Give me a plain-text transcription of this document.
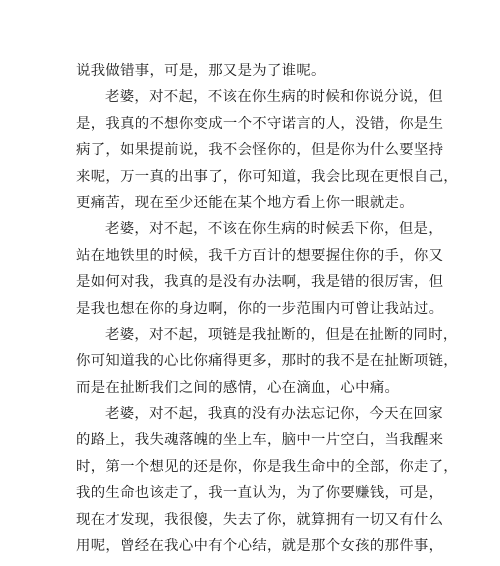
说我做错事，可是，那又是为了谁呢。
老婆，对不起，不该在你生病的时候和你说分说，但
是，我真的不想你变成一个不守诺言的人，没错，你是生
病了，如果提前说，我不会怪你的，但是你为什么要坚持
来呢，万一真的出事了，你可知道，我会比现在更恨自己，
更痛苦，现在至少还能在某个地方看上你一眼就走。
老婆，对不起，不该在你生病的时候丢下你，但是，
站在地铁里的时候，我千方百计的想要握住你的手，你又
是如何对我，我真的是没有办法啊，我是错的很厉害，但
是我也想在你的身边啊，你的一步范围内可曾让我站过。
老婆，对不起，项链是我扯断的，但是在扯断的同时，
你可知道我的心比你痛得更多，那时的我不是在扯断项链，
而是在扯断我们之间的感情，心在滴血，心中痛。
老婆，对不起，我真的没有办法忘记你，今天在回家
的路上，我失魂落魄的坐上车，脑中一片空白，当我醒来
时，第一个想见的还是你，你是我生命中的全部，你走了，
我的生命也该走了，我一直认为，为了你要赚钱，可是，
现在才发现，我很傻，失去了你，就算拥有一切又有什么
用呢，曾经在我心中有个心结，就是那个女孩的那件事，
